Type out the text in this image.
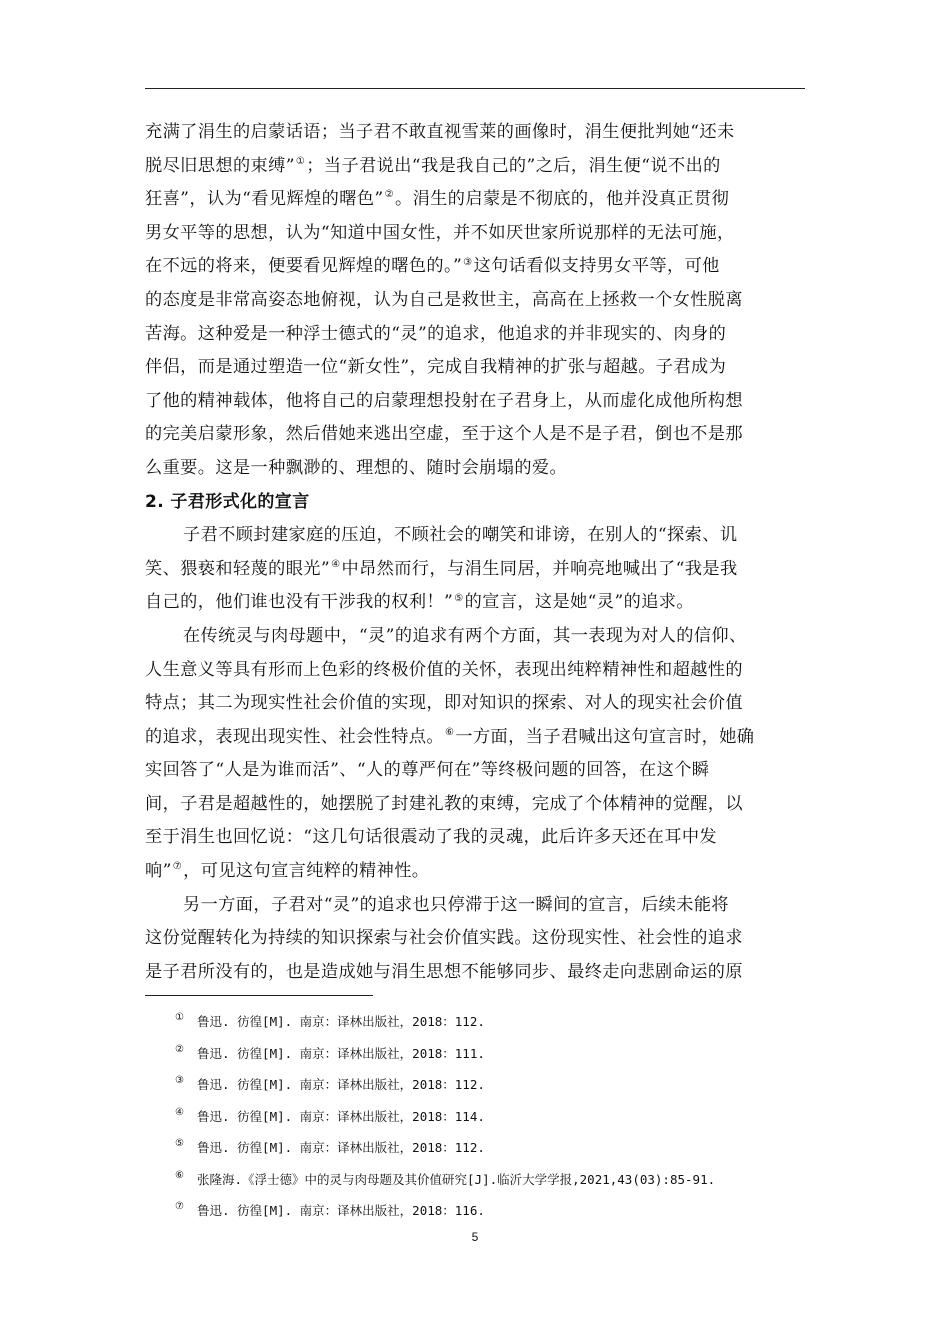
充满了涓生的启蒙话语；当子君不敢直视雪莱的画像时，涓生便批判她“还未
脱尽旧思想的束缚”①；当子君说出“我是我自己的”之后，涓生便“说不出的
狂喜”，认为“看见辉煌的曙色”②。涓生的启蒙是不彻底的，他并没真正贯彻
男女平等的思想，认为“知道中国女性，并不如厌世家所说那样的无法可施，
在不远的将来，便要看见辉煌的曙色的。”③这句话看似支持男女平等，可他
的态度是非常高姿态地俯视，认为自己是救世主，高高在上拯救一个女性脱离
苦海。这种爱是一种浮士德式的“灵”的追求，他追求的并非现实的、肉身的
伴侣，而是通过塑造一位“新女性”，完成自我精神的扩张与超越。子君成为
了他的精神载体，他将自己的启蒙理想投射在子君身上，从而虚化成他所构想
的完美启蒙形象，然后借她来逃出空虚，至于这个人是不是子君，倒也不是那
么重要。这是一种飘渺的、理想的、随时会崩塌的爱。
2. 子君形式化的宣言
子君不顾封建家庭的压迫，不顾社会的嘲笑和诽谤，在别人的“探索、讥
笑、猥亵和轻蔑的眼光”④中昂然而行，与涓生同居，并响亮地喊出了“我是我
自己的，他们谁也没有干涉我的权利！”⑤的宣言，这是她“灵”的追求。
在传统灵与肉母题中，“灵”的追求有两个方面，其一表现为对人的信仰、
人生意义等具有形而上色彩的终极价值的关怀，表现出纯粹精神性和超越性的
特点；其二为现实性社会价值的实现，即对知识的探索、对人的现实社会价值
的追求，表现出现实性、社会性特点。⑥一方面，当子君喊出这句宣言时，她确
实回答了“人是为谁而活”、“人的尊严何在”等终极问题的回答，在这个瞬
间，子君是超越性的，她摆脱了封建礼教的束缚，完成了个体精神的觉醒，以
至于涓生也回忆说：“这几句话很震动了我的灵魂，此后许多天还在耳中发
响”⑦，可见这句宣言纯粹的精神性。
另一方面，子君对“灵”的追求也只停滞于这一瞬间的宣言，后续未能将
这份觉醒转化为持续的知识探索与社会价值实践。这份现实性、社会性的追求
是子君所没有的，也是造成她与涓生思想不能够同步、最终走向悲剧命运的原
① 鲁迅. 彷徨[M]. 南京：译林出版社，2018：112.
② 鲁迅. 彷徨[M]. 南京：译林出版社，2018：111.
③ 鲁迅. 彷徨[M]. 南京：译林出版社，2018：112.
④ 鲁迅. 彷徨[M]. 南京：译林出版社，2018：114.
⑤ 鲁迅. 彷徨[M]. 南京：译林出版社，2018：112.
⑥ 张隆海.《浮士德》中的灵与肉母题及其价值研究[J].临沂大学学报,2021,43(03):85-91.
⑦ 鲁迅. 彷徨[M]. 南京：译林出版社，2018：116.
5
